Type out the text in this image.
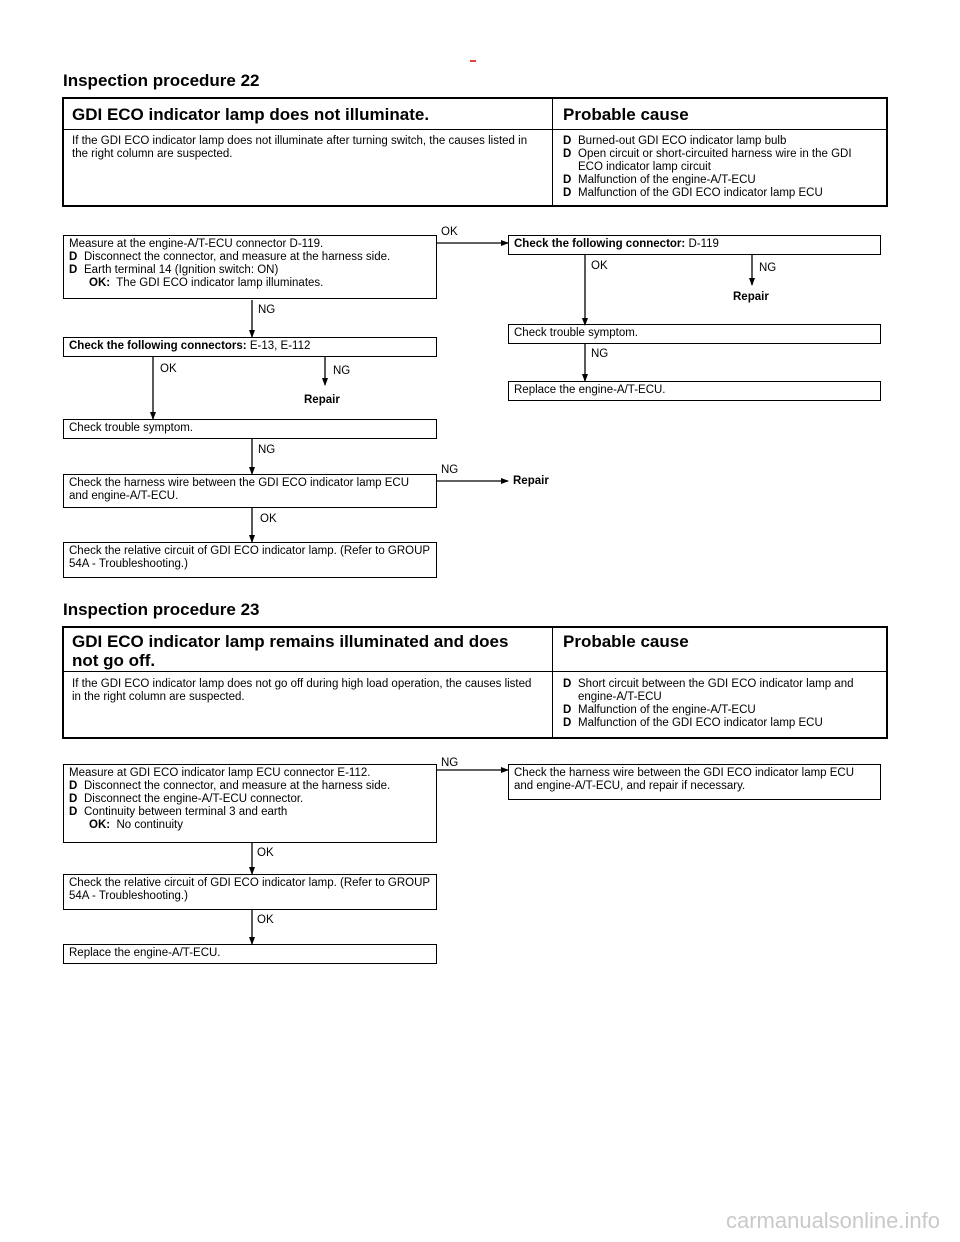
Inspection procedure 22
GDI ECO indicator lamp does not illuminate.	Probable cause
If the GDI ECO indicator lamp does not illuminate after turning switch, the causes listed in the right column are suspected.
D Burned-out GDI ECO indicator lamp bulb
D Open circuit or short-circuited harness wire in the GDI ECO indicator lamp circuit
D Malfunction of the engine-A/T-ECU
D Malfunction of the GDI ECO indicator lamp ECU
Measure at the engine-A/T-ECU connector D-119.
D Disconnect the connector, and measure at the harness side.
D Earth terminal 14 (Ignition switch: ON)
OK: The GDI ECO indicator lamp illuminates.
OK
Check the following connector: D-119
OK	NG
Repair
NG
Check trouble symptom.
NG
Replace the engine-A/T-ECU.
Check the following connectors: E-13, E-112
OK	NG
Repair
Check trouble symptom.
NG
Check the harness wire between the GDI ECO indicator lamp ECU and engine-A/T-ECU.
NG
Repair
OK
Check the relative circuit of GDI ECO indicator lamp. (Refer to GROUP 54A - Troubleshooting.)
Inspection procedure 23
GDI ECO indicator lamp remains illuminated and does
not go off.
Probable cause
If the GDI ECO indicator lamp does not go off during high load operation, the causes listed in the right column are suspected.
D Short circuit between the GDI ECO indicator lamp and engine-A/T-ECU
D Malfunction of the engine-A/T-ECU
D Malfunction of the GDI ECO indicator lamp ECU
Measure at GDI ECO indicator lamp ECU connector E-112.
D Disconnect the connector, and measure at the harness side.
D Disconnect the engine-A/T-ECU connector.
D Continuity between terminal 3 and earth
OK: No continuity
NG
Check the harness wire between the GDI ECO indicator lamp ECU and engine-A/T-ECU, and repair if necessary.
OK
Check the relative circuit of GDI ECO indicator lamp. (Refer to GROUP 54A - Troubleshooting.)
OK
Replace the engine-A/T-ECU.
carmanualsonline.info
